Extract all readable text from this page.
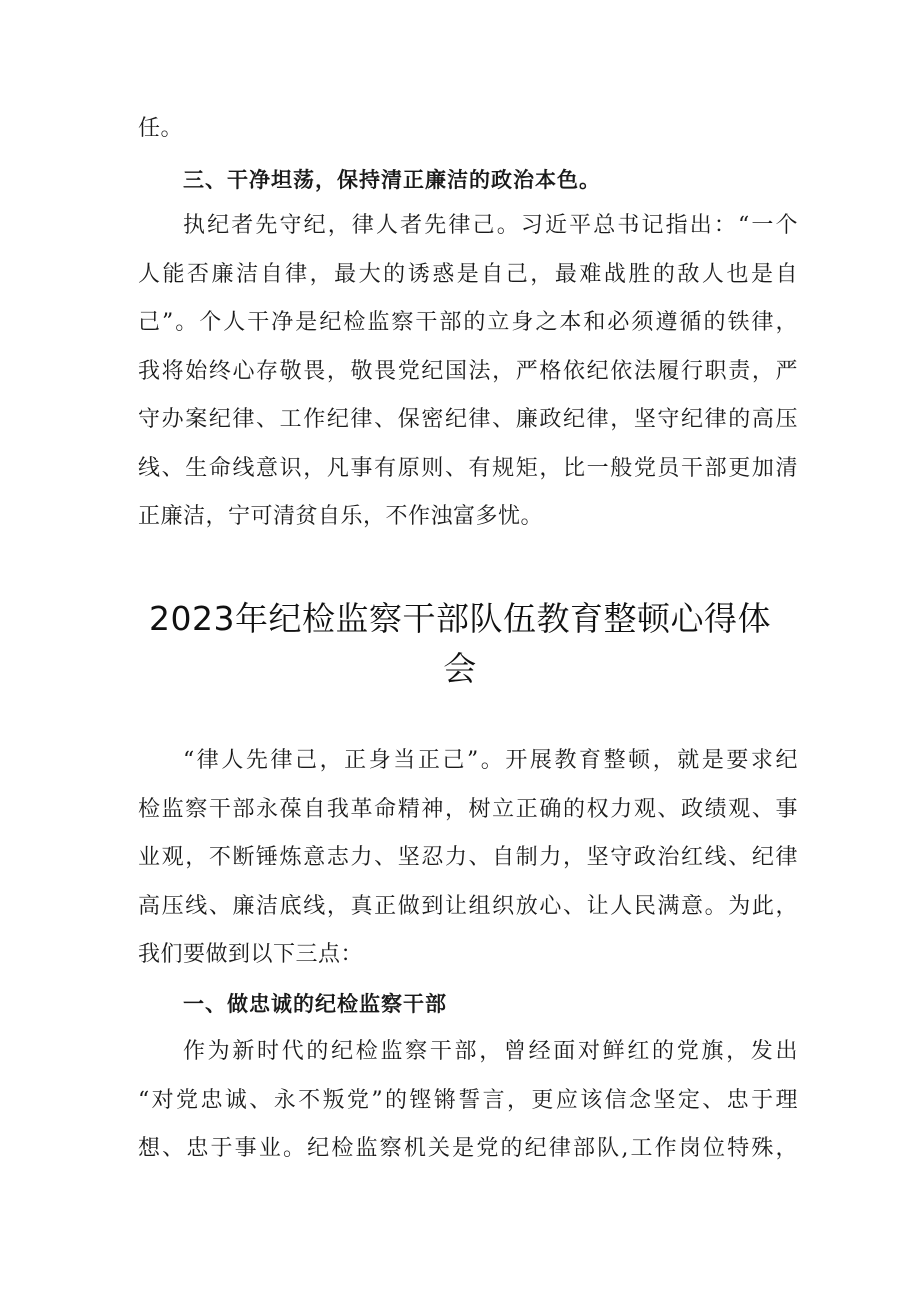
任。
三、干净坦荡，保持清正廉洁的政治本色。
执纪者先守纪，律人者先律己。习近平总书记指出：“一个
人能否廉洁自律，最大的诱惑是自己，最难战胜的敌人也是自
己”。个人干净是纪检监察干部的立身之本和必须遵循的铁律，
我将始终心存敬畏，敬畏党纪国法，严格依纪依法履行职责，严
守办案纪律、工作纪律、保密纪律、廉政纪律，坚守纪律的高压
线、生命线意识，凡事有原则、有规矩，比一般党员干部更加清
正廉洁，宁可清贫自乐，不作浊富多忧。
2023年纪检监察干部队伍教育整顿心得体
会
“律人先律己，正身当正己”。开展教育整顿，就是要求纪
检监察干部永葆自我革命精神，树立正确的权力观、政绩观、事
业观，不断锤炼意志力、坚忍力、自制力，坚守政治红线、纪律
高压线、廉洁底线，真正做到让组织放心、让人民满意。为此，
我们要做到以下三点：
一、做忠诚的纪检监察干部
作为新时代的纪检监察干部，曾经面对鲜红的党旗，发出
“对党忠诚、永不叛党”的铿锵誓言，更应该信念坚定、忠于理
想、忠于事业。纪检监察机关是党的纪律部队,工作岗位特殊，
